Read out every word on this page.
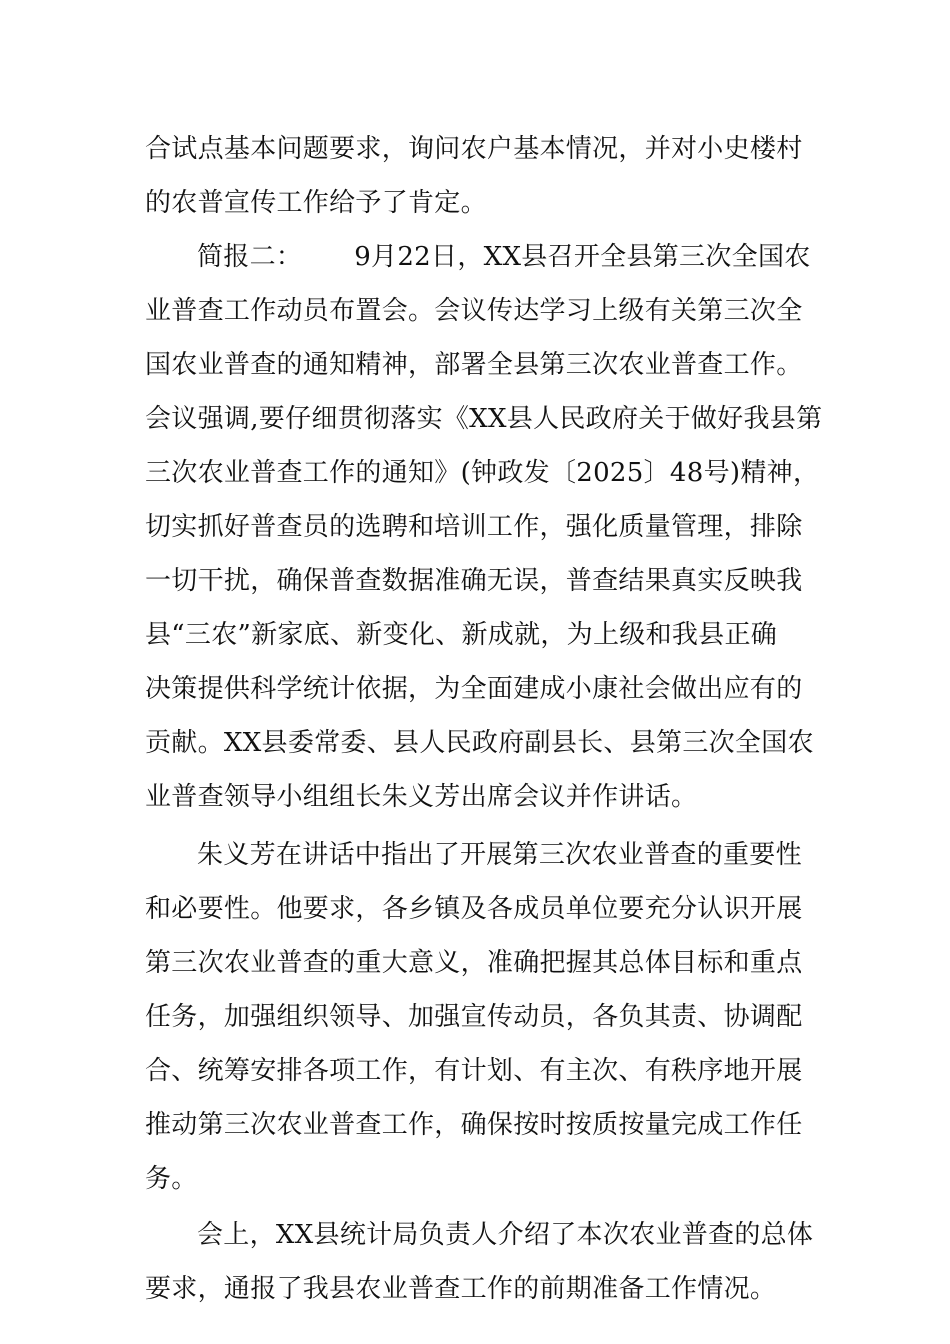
合试点基本问题要求，询问农户基本情况，并对小史楼村
的农普宣传工作给予了肯定。
简报二： 9月22日，XX县召开全县第三次全国农
业普查工作动员布置会。会议传达学习上级有关第三次全
国农业普查的通知精神，部署全县第三次农业普查工作。
会议强调,要仔细贯彻落实《XX县人民政府关于做好我县第
三次农业普查工作的通知》(钟政发〔2025〕48号)精神，
切实抓好普查员的选聘和培训工作，强化质量管理，排除
一切干扰，确保普查数据准确无误，普查结果真实反映我
县“三农”新家底、新变化、新成就，为上级和我县正确
决策提供科学统计依据，为全面建成小康社会做出应有的
贡献。XX县委常委、县人民政府副县长、县第三次全国农
业普查领导小组组长朱义芳出席会议并作讲话。
朱义芳在讲话中指出了开展第三次农业普查的重要性
和必要性。他要求，各乡镇及各成员单位要充分认识开展
第三次农业普查的重大意义，准确把握其总体目标和重点
任务，加强组织领导、加强宣传动员，各负其责、协调配
合、统筹安排各项工作，有计划、有主次、有秩序地开展
推动第三次农业普查工作，确保按时按质按量完成工作任
务。
会上，XX县统计局负责人介绍了本次农业普查的总体
要求，通报了我县农业普查工作的前期准备工作情况。
